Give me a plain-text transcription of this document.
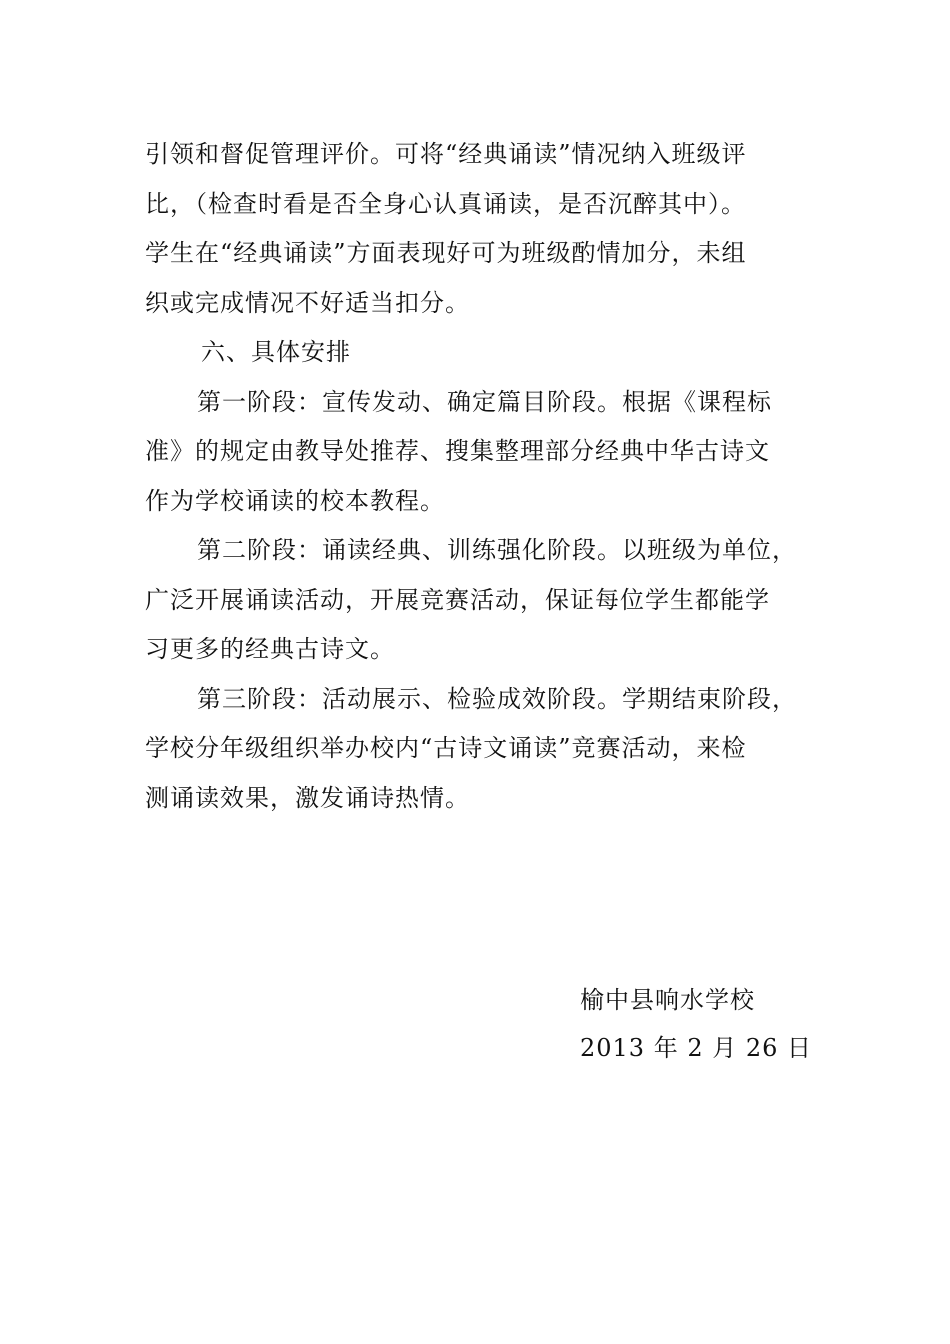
引领和督促管理评价。可将“经典诵读”情况纳入班级评
比，（检查时看是否全身心认真诵读，是否沉醉其中）。
学生在“经典诵读”方面表现好可为班级酌情加分，未组
织或完成情况不好适当扣分。
六、具体安排
第一阶段：宣传发动、确定篇目阶段。根据《课程标
准》的规定由教导处推荐、搜集整理部分经典中华古诗文
作为学校诵读的校本教程。
第二阶段：诵读经典、训练强化阶段。以班级为单位，
广泛开展诵读活动，开展竞赛活动，保证每位学生都能学
习更多的经典古诗文。
第三阶段：活动展示、检验成效阶段。学期结束阶段，
学校分年级组织举办校内“古诗文诵读”竞赛活动，来检
测诵读效果，激发诵诗热情。
榆中县响水学校
2013 年 2 月 26 日
